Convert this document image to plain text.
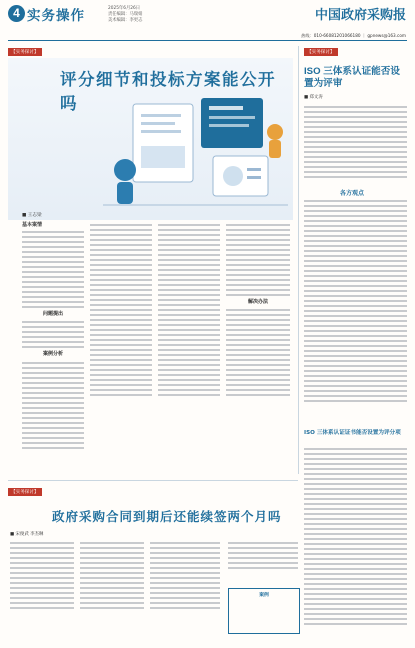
4 实务操作	2025年6月26日
责任编辑：马瑞娟
美术编辑：李更志	中国政府采购报
热线：010-66081201066180 ｜ gpnews@163.com
【实务探讨】
评分细节和投标方案能公开吗
■ 王志梁
基本案情
问题提出
案例分析
解决办法
【实务探讨】
ISO 三体系认证能否设置为评审
■ 郑文涛
各方观点
ISO 三体系认证证书能否设置为评分项
【实务探讨】
政府采购合同到期后还能续签两个月吗
■ 宋俊武 李杰琳
案例
